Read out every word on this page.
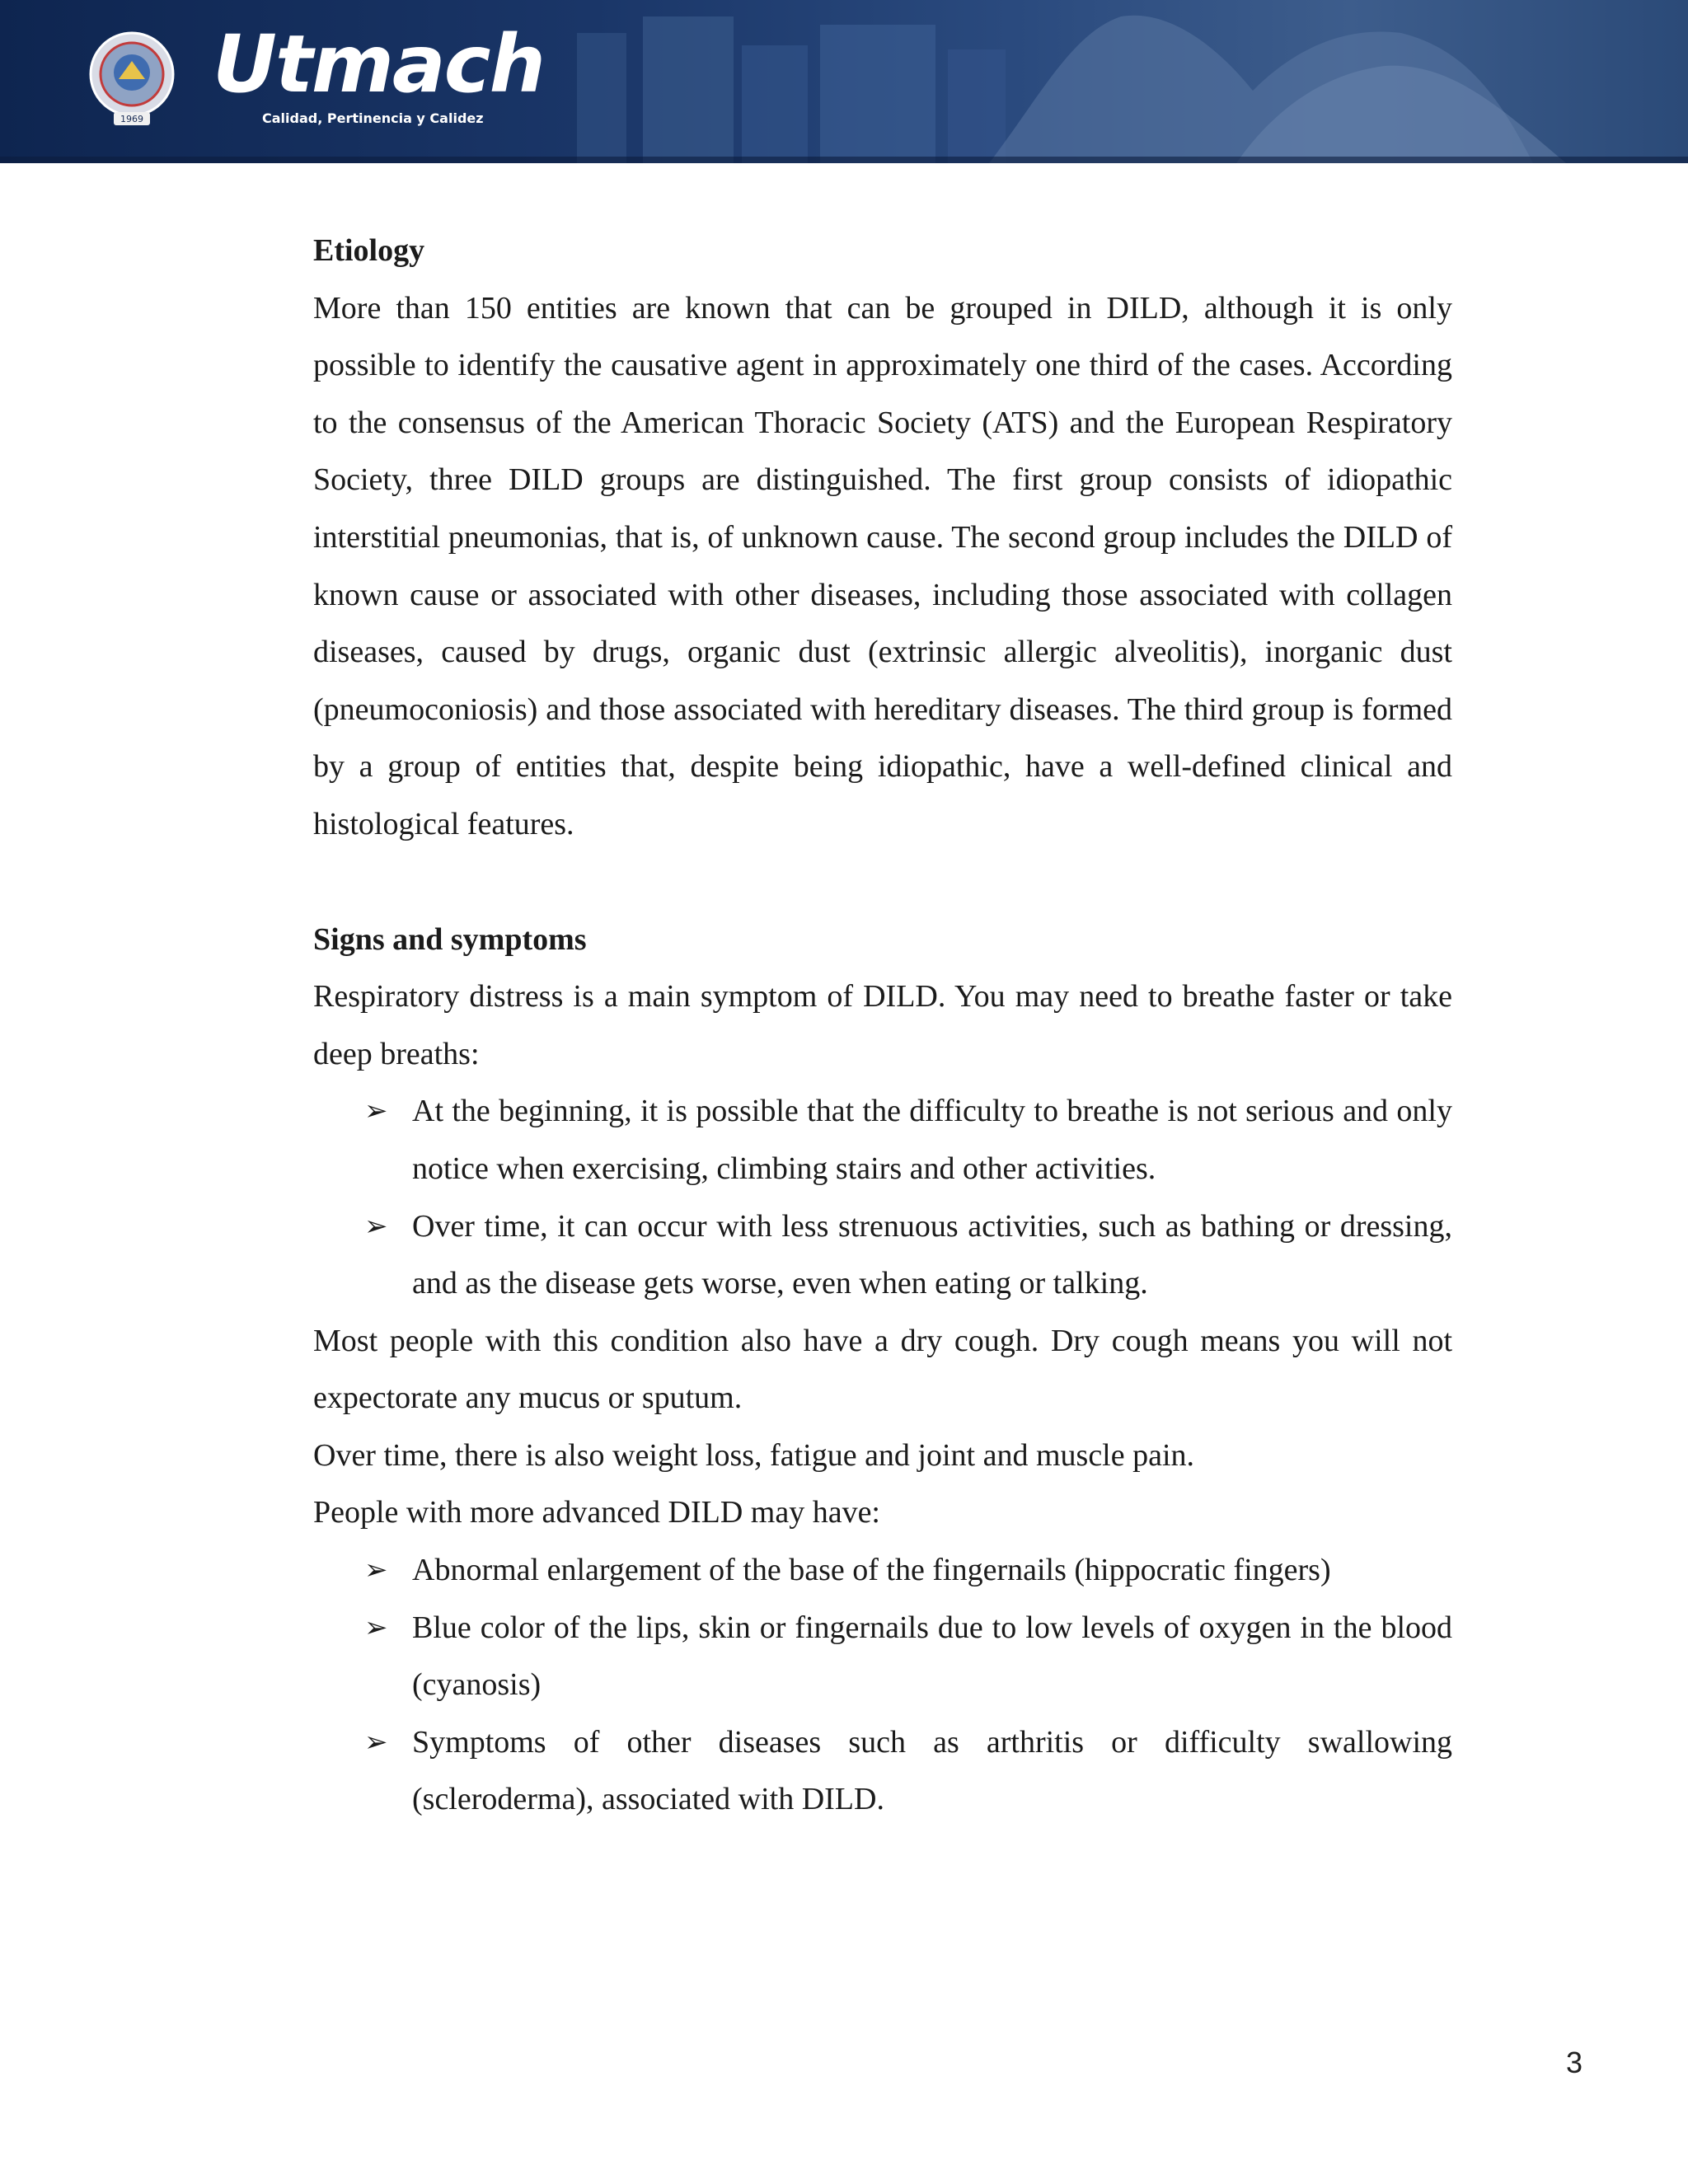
1969
Utmach
Calidad, Pertinencia y Calidez

Etiology

More than 150 entities are known that can be grouped in DILD, although it is only possible to identify the causative agent in approximately one third of the cases. According to the consensus of the American Thoracic Society (ATS) and the European Respiratory Society, three DILD groups are distinguished. The first group consists of idiopathic interstitial pneumonias, that is, of unknown cause. The second group includes the DILD of known cause or associated with other diseases, including those associated with collagen diseases, caused by drugs, organic dust (extrinsic allergic alveolitis), inorganic dust (pneumoconiosis) and those associated with hereditary diseases. The third group is formed by a group of entities that, despite being idiopathic, have a well-defined clinical and histological features.

Signs and symptoms

Respiratory distress is a main symptom of DILD. You may need to breathe faster or take deep breaths:

➢ At the beginning, it is possible that the difficulty to breathe is not serious and only notice when exercising, climbing stairs and other activities.
➢ Over time, it can occur with less strenuous activities, such as bathing or dressing, and as the disease gets worse, even when eating or talking.

Most people with this condition also have a dry cough. Dry cough means you will not expectorate any mucus or sputum.

Over time, there is also weight loss, fatigue and joint and muscle pain.

People with more advanced DILD may have:

➢ Abnormal enlargement of the base of the fingernails (hippocratic fingers)
➢ Blue color of the lips, skin or fingernails due to low levels of oxygen in the blood (cyanosis)
➢ Symptoms of other diseases such as arthritis or difficulty swallowing (scleroderma), associated with DILD.
3
